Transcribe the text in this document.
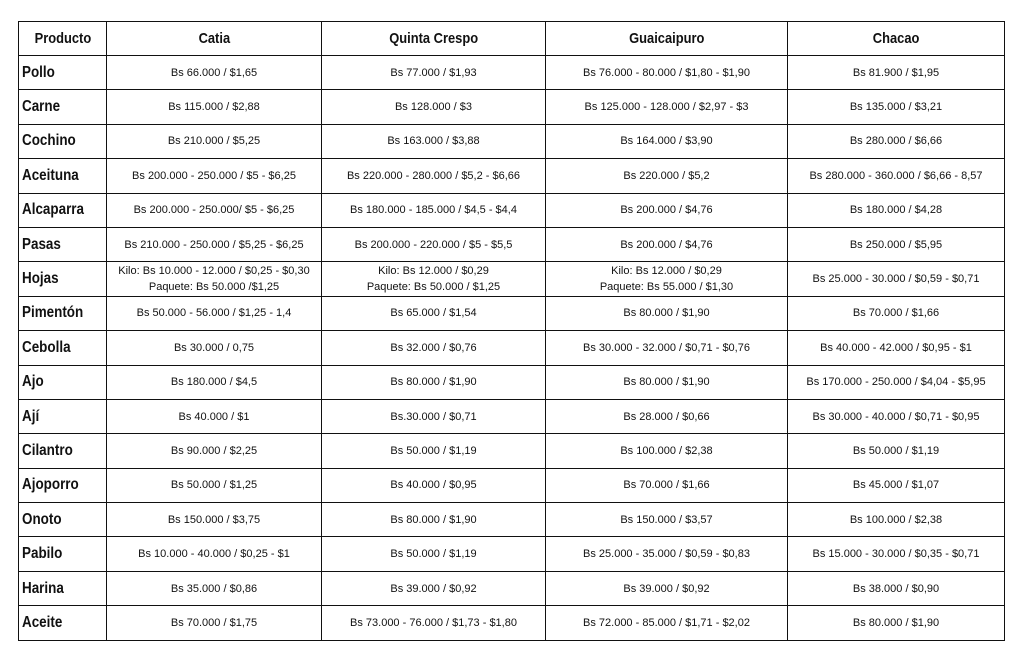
Producto	Catia	Quinta Crespo	Guaicaipuro	Chacao
Pollo	Bs 66.000 / $1,65	Bs 77.000 / $1,93	Bs 76.000 - 80.000 / $1,80 - $1,90	Bs 81.900 / $1,95

Carne	Bs 115.000 / $2,88	Bs 128.000 / $3	Bs 125.000 - 128.000 / $2,97 - $3	Bs 135.000 / $3,21

Cochino	Bs 210.000 / $5,25	Bs 163.000 / $3,88	Bs 164.000 / $3,90	Bs 280.000 / $6,66

Aceituna	Bs 200.000 - 250.000 / $5 - $6,25	Bs 220.000 - 280.000 / $5,2 - $6,66	Bs 220.000 / $5,2	Bs 280.000 - 360.000 / $6,66 - 8,57

Alcaparra	Bs 200.000 - 250.000/ $5 - $6,25	Bs 180.000 - 185.000 / $4,5 - $4,4	Bs 200.000 / $4,76	Bs 180.000 / $4,28

Pasas	Bs 210.000 - 250.000 / $5,25 - $6,25	Bs 200.000 - 220.000 / $5 - $5,5	Bs 200.000 / $4,76	Bs 250.000 / $5,95

Hojas	Kilo: Bs 10.000 - 12.000 / $0,25 - $0,30
Paquete: Bs 50.000 /$1,25	Kilo: Bs 12.000 / $0,29
Paquete: Bs 50.000 / $1,25	Kilo: Bs 12.000 / $0,29
Paquete: Bs 55.000 / $1,30	Bs 25.000 - 30.000 / $0,59 - $0,71

Pimentón	Bs 50.000 - 56.000 / $1,25 - 1,4	Bs 65.000 / $1,54	Bs 80.000 / $1,90	Bs 70.000 / $1,66

Cebolla	Bs 30.000 / 0,75	Bs 32.000 / $0,76	Bs 30.000 - 32.000 / $0,71 - $0,76	Bs 40.000 - 42.000 / $0,95 - $1

Ajo	Bs 180.000 / $4,5	Bs 80.000 / $1,90	Bs 80.000 / $1,90	Bs 170.000 - 250.000 / $4,04 - $5,95

Ají	Bs 40.000 / $1	Bs.30.000 / $0,71	Bs 28.000 / $0,66	Bs 30.000 - 40.000 / $0,71 - $0,95

Cilantro	Bs 90.000 / $2,25	Bs 50.000 / $1,19	Bs 100.000 / $2,38	Bs 50.000 / $1,19

Ajoporro	Bs 50.000 / $1,25	Bs 40.000 / $0,95	Bs 70.000 / $1,66	Bs 45.000 / $1,07

Onoto	Bs 150.000 / $3,75	Bs 80.000 / $1,90	Bs 150.000 / $3,57	Bs 100.000 / $2,38

Pabilo	Bs 10.000 - 40.000 / $0,25 - $1	Bs 50.000 / $1,19	Bs 25.000 - 35.000 / $0,59 - $0,83	Bs 15.000 - 30.000 / $0,35 - $0,71

Harina	Bs 35.000 / $0,86	Bs 39.000 / $0,92	Bs 39.000 / $0,92	Bs 38.000 / $0,90

Aceite	Bs 70.000 / $1,75	Bs 73.000 - 76.000 / $1,73 - $1,80	Bs 72.000 - 85.000 / $1,71 - $2,02	Bs 80.000 / $1,90
